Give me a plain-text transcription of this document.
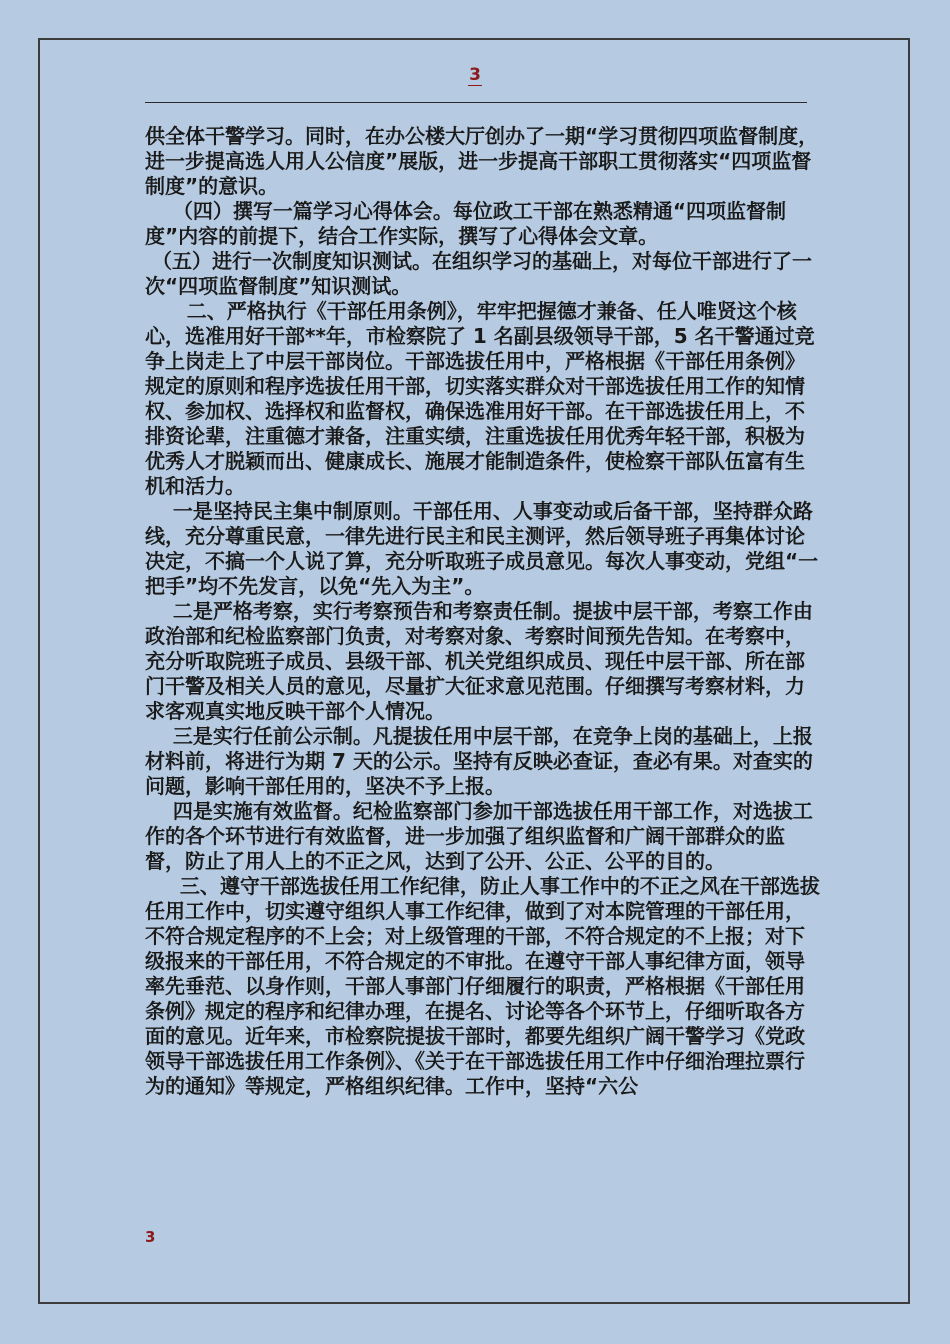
3

供全体干警学习。同时，在办公楼大厅创办了一期“学习贯彻四项监督制度，进一步提高选人用人公信度”展版，进一步提高干部职工贯彻落实“四项监督制度”的意识。

（四）撰写一篇学习心得体会。每位政工干部在熟悉精通“四项监督制度”内容的前提下，结合工作实际，撰写了心得体会文章。

（五）进行一次制度知识测试。在组织学习的基础上，对每位干部进行了一次“四项监督制度”知识测试。

二、严格执行《干部任用条例》，牢牢把握德才兼备、任人唯贤这个核心，选准用好干部**年，市检察院了 1 名副县级领导干部，5 名干警通过竞争上岗走上了中层干部岗位。干部选拔任用中，严格根据《干部任用条例》规定的原则和程序选拔任用干部，切实落实群众对干部选拔任用工作的知情权、参加权、选择权和监督权，确保选准用好干部。在干部选拔任用上，不排资论辈，注重德才兼备，注重实绩，注重选拔任用优秀年轻干部，积极为优秀人才脱颖而出、健康成长、施展才能制造条件，使检察干部队伍富有生机和活力。

一是坚持民主集中制原则。干部任用、人事变动或后备干部，坚持群众路线，充分尊重民意，一律先进行民主和民主测评，然后领导班子再集体讨论决定，不搞一个人说了算，充分听取班子成员意见。每次人事变动，党组“一把手”均不先发言，以免“先入为主”。

二是严格考察，实行考察预告和考察责任制。提拔中层干部，考察工作由政治部和纪检监察部门负责，对考察对象、考察时间预先告知。在考察中，充分听取院班子成员、县级干部、机关党组织成员、现任中层干部、所在部门干警及相关人员的意见，尽量扩大征求意见范围。仔细撰写考察材料，力求客观真实地反映干部个人情况。

三是实行任前公示制。凡提拔任用中层干部，在竞争上岗的基础上，上报材料前，将进行为期 7 天的公示。坚持有反映必查证，查必有果。对查实的问题，影响干部任用的，坚决不予上报。

四是实施有效监督。纪检监察部门参加干部选拔任用干部工作，对选拔工作的各个环节进行有效监督，进一步加强了组织监督和广阔干部群众的监督，防止了用人上的不正之风，达到了公开、公正、公平的目的。

三、遵守干部选拔任用工作纪律，防止人事工作中的不正之风在干部选拔任用工作中，切实遵守组织人事工作纪律，做到了对本院管理的干部任用，不符合规定程序的不上会；对上级管理的干部，不符合规定的不上报；对下级报来的干部任用，不符合规定的不审批。在遵守干部人事纪律方面，领导率先垂范、以身作则，干部人事部门仔细履行的职责，严格根据《干部任用条例》规定的程序和纪律办理，在提名、讨论等各个环节上，仔细听取各方面的意见。近年来，市检察院提拔干部时，都要先组织广阔干警学习《党政领导干部选拔任用工作条例》、《关于在干部选拔任用工作中仔细治理拉票行为的通知》等规定，严格组织纪律。工作中，坚持“六公

3
